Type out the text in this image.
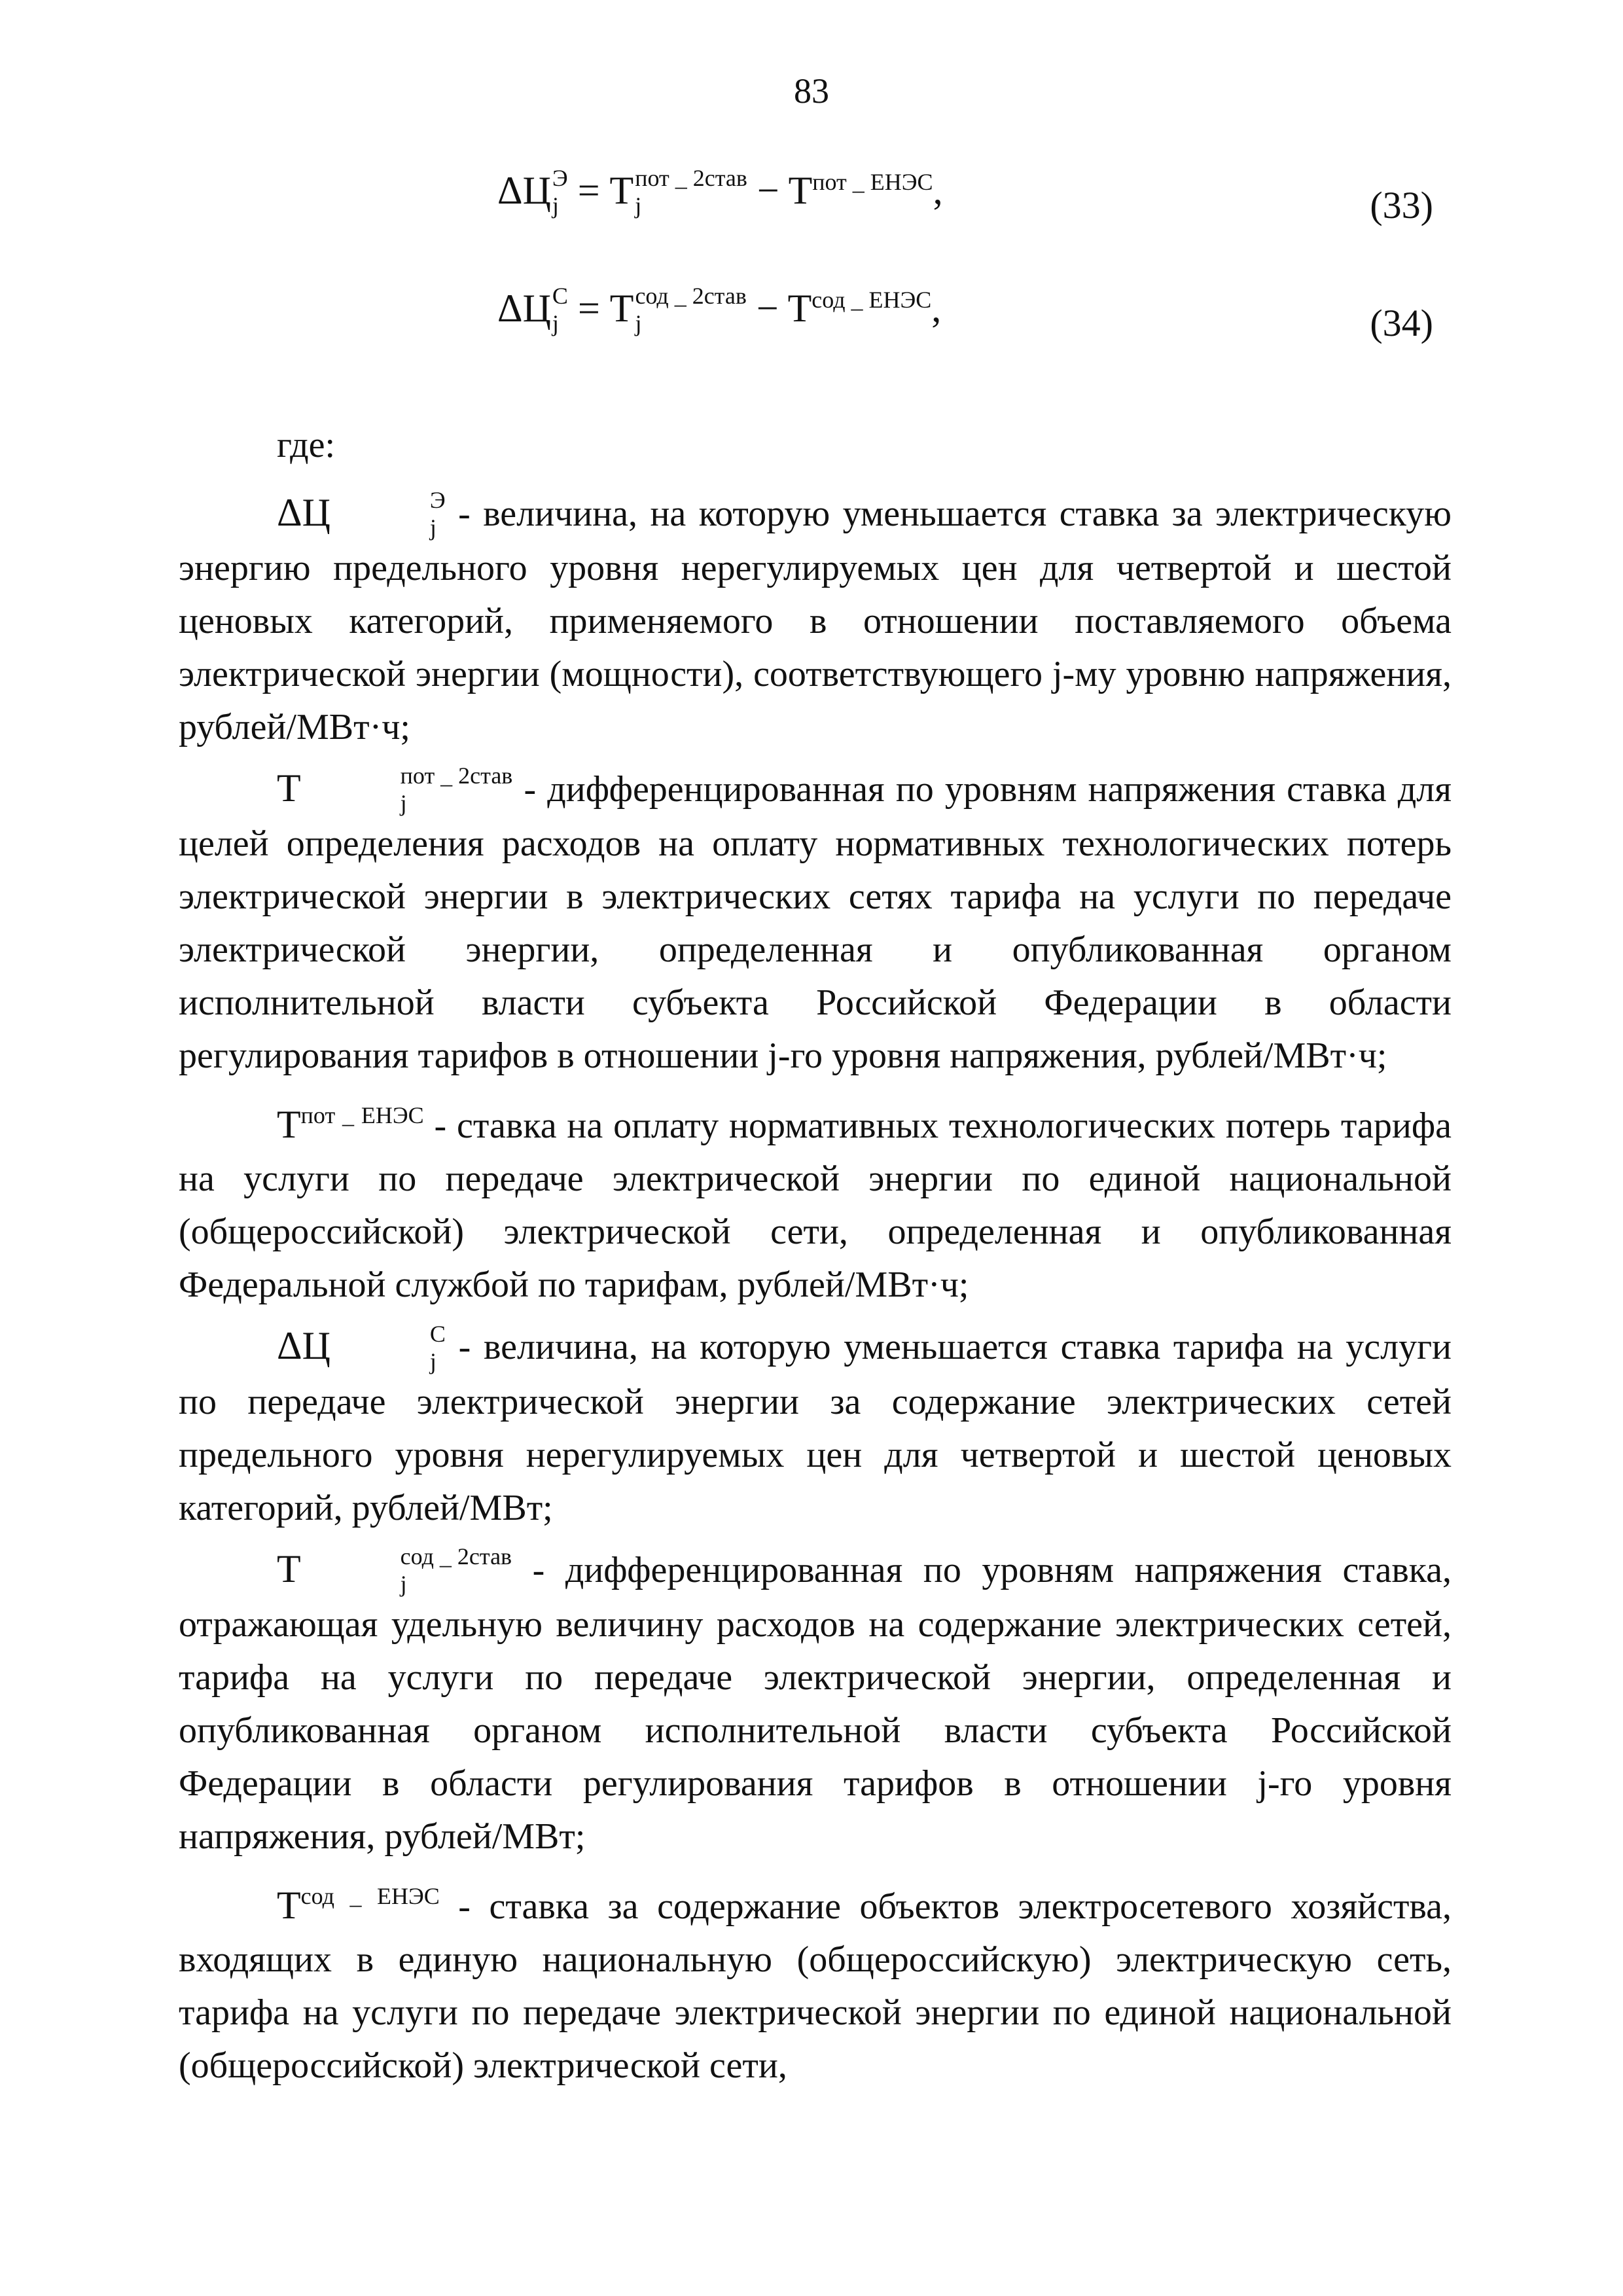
83
ΔЦ Э
j = T пот _ 2став
j	− $T^{пот \_ ЕНЭС}$,	(33)
ΔЦ С
j = T сод _ 2став
j	− $T^{сод \_ ЕНЭС}$,	(34)

где:

ΔЦ	Э
j - величина, на которую уменьшается ставка за электрическую энергию предельного уровня нерегулируемых цен для четвертой и шестой ценовых категорий, применяемого в отношении поставляемого объема электрической энергии (мощности), соответствующего j-му уровню напряжения, рублей/МВт·ч;

T	пот _ 2став
j	- дифференцированная по уровням напряжения ставка для целей определения расходов на оплату нормативных технологических потерь электрической энергии в электрических сетях тарифа на услуги по передаче электрической энергии, определенная и опубликованная органом исполнительной власти субъекта Российской Федерации в области регулирования тарифов в отношении j-го уровня напряжения, рублей/МВт·ч;

$T^{пот \_ ЕНЭС}$ - ставка на оплату нормативных технологических потерь тарифа на услуги по передаче электрической энергии по единой национальной (общероссийской) электрической сети, определенная и опубликованная Федеральной службой по тарифам, рублей/МВт·ч;

ΔЦ	С
j - величина, на которую уменьшается ставка тарифа на услуги по передаче электрической энергии за содержание электрических сетей предельного уровня нерегулируемых цен для четвертой и шестой ценовых категорий, рублей/МВт;

T	сод _ 2став
j	- дифференцированная по уровням напряжения ставка, отражающая удельную величину расходов на содержание электрических сетей, тарифа на услуги по передаче электрической энергии, определенная и опубликованная органом исполнительной власти субъекта Российской Федерации в области регулирования тарифов в отношении j-го уровня напряжения, рублей/МВт;

$T^{сод \_ ЕНЭС}$ - ставка за содержание объектов электросетевого хозяйства, входящих в единую национальную (общероссийскую) электрическую сеть, тарифа на услуги по передаче электрической энергии по единой национальной (общероссийской) электрической сети,
